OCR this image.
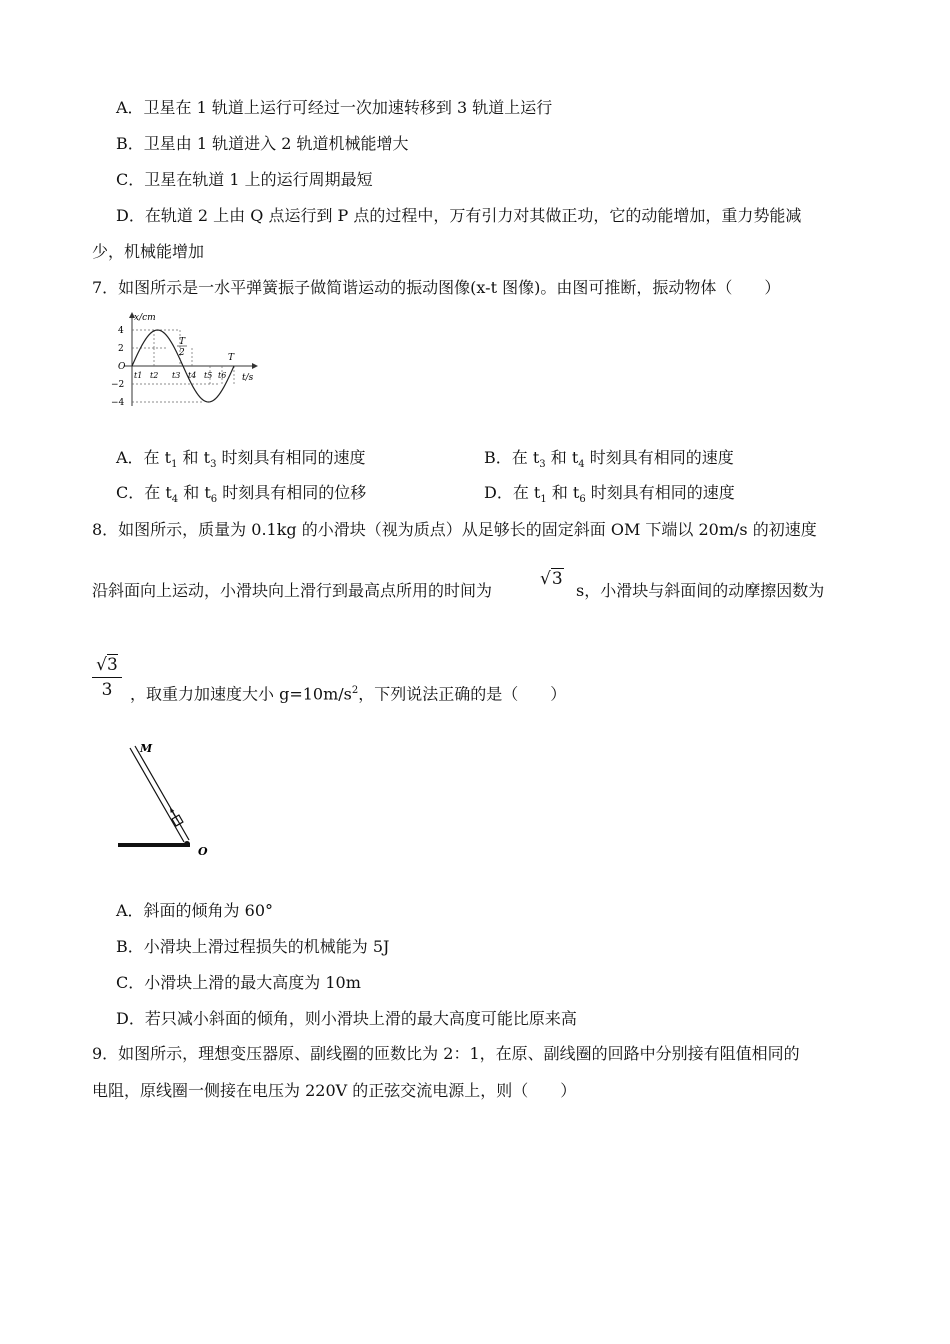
A．卫星在 1 轨道上运行可经过一次加速转移到 3 轨道上运行
B．卫星由 1 轨道进入 2 轨道机械能增大
C．卫星在轨道 1 上的运行周期最短
D．在轨道 2 上由 Q 点运行到 P 点的过程中，万有引力对其做正功，它的动能增加，重力势能减
少，机械能增加
7．如图所示是一水平弹簧振子做简谐运动的振动图像(x-t 图像)。由图可推断，振动物体（　　）
x/cm
t/s
4
2
O
−2
−4
t1 t2 t3 t4 t5 t6
T
2	T
A．在 $t_1$ 和 $t_3$ 时刻具有相同的速度	B．在 $t_3$ 和 $t_4$ 时刻具有相同的速度
C．在 $t_4$ 和 $t_6$ 时刻具有相同的位移	D．在 $t_1$ 和 $t_6$ 时刻具有相同的速度
8．如图所示，质量为 0.1kg 的小滑块（视为质点）从足够长的固定斜面 OM 下端以 20m/s 的初速度
沿斜面向上运动，小滑块向上滑行到最高点所用的时间为
√3
s，小滑块与斜面间的动摩擦因数为
$\frac{√3}{3}$ ，取重力加速度大小 $g=10m/s^2$，下列说法正确的是（　　）
M
O
A．斜面的倾角为 60°
B．小滑块上滑过程损失的机械能为 5J
C．小滑块上滑的最大高度为 10m
D．若只减小斜面的倾角，则小滑块上滑的最大高度可能比原来高
9．如图所示，理想变压器原、副线圈的匝数比为 2：1，在原、副线圈的回路中分别接有阻值相同的
电阻，原线圈一侧接在电压为 220V 的正弦交流电源上，则（　　）
